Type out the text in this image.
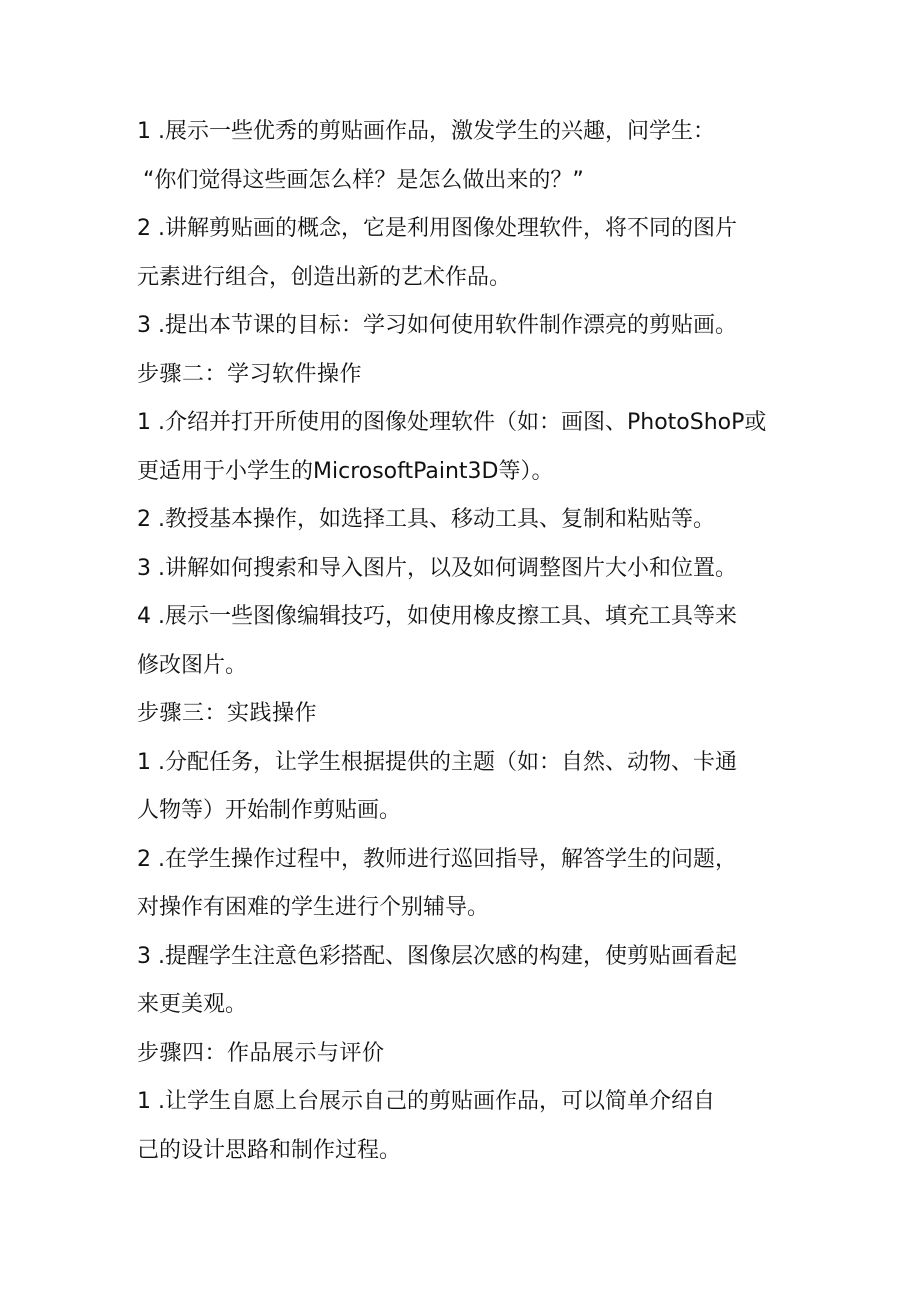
1 .展示一些优秀的剪贴画作品，激发学生的兴趣，问学生：
“你们觉得这些画怎么样？是怎么做出来的？”
2 .讲解剪贴画的概念，它是利用图像处理软件，将不同的图片
元素进行组合，创造出新的艺术作品。
3 .提出本节课的目标：学习如何使用软件制作漂亮的剪贴画。
步骤二：学习软件操作
1 .介绍并打开所使用的图像处理软件（如：画图、PhotoShoP或
更适用于小学生的MicrosoftPaint3D等）。
2 .教授基本操作，如选择工具、移动工具、复制和粘贴等。
3 .讲解如何搜索和导入图片，以及如何调整图片大小和位置。
4 .展示一些图像编辑技巧，如使用橡皮擦工具、填充工具等来
修改图片。
步骤三：实践操作
1 .分配任务，让学生根据提供的主题（如：自然、动物、卡通
人物等）开始制作剪贴画。
2 .在学生操作过程中，教师进行巡回指导，解答学生的问题，
对操作有困难的学生进行个别辅导。
3 .提醒学生注意色彩搭配、图像层次感的构建，使剪贴画看起
来更美观。
步骤四：作品展示与评价
1 .让学生自愿上台展示自己的剪贴画作品，可以简单介绍自
己的设计思路和制作过程。
